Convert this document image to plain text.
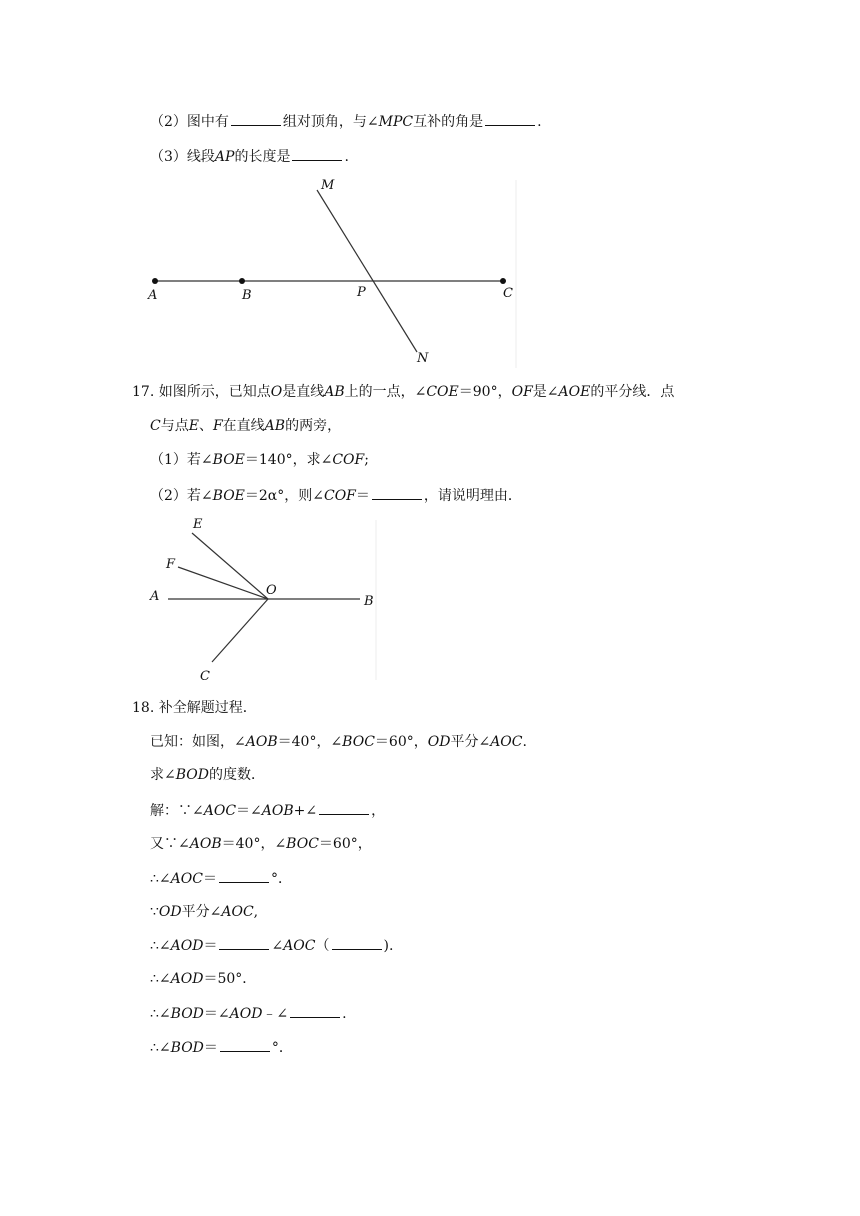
（2）图中有	组对顶角，与∠MPC互补的角是	.
（3）线段AP的长度是	.
M
N
A	B	P	C
17. 如图所示，已知点O是直线AB上的一点，∠COE＝90°，OF是∠AOE的平分线．点
C与点E、F在直线AB的两旁，
（1）若∠BOE＝140°，求∠COF;
（2）若∠BOE＝2α°，则∠COF＝	，请说明理由．
E
F
A	O
B
C
18. 补全解题过程．
已知：如图，∠AOB＝40°，∠BOC＝60°，OD平分∠AOC.
求∠BOD的度数．
解：∵∠AOC＝∠AOB+∠	，
又∵∠AOB＝40°，∠BOC＝60°，
∴∠AOC＝	°．
∵OD平分∠AOC,
∴∠AOD＝	∠AOC（	).
∴∠AOD＝50°．
∴∠BOD＝∠AOD﹣∠	.
∴∠BOD＝	°．
